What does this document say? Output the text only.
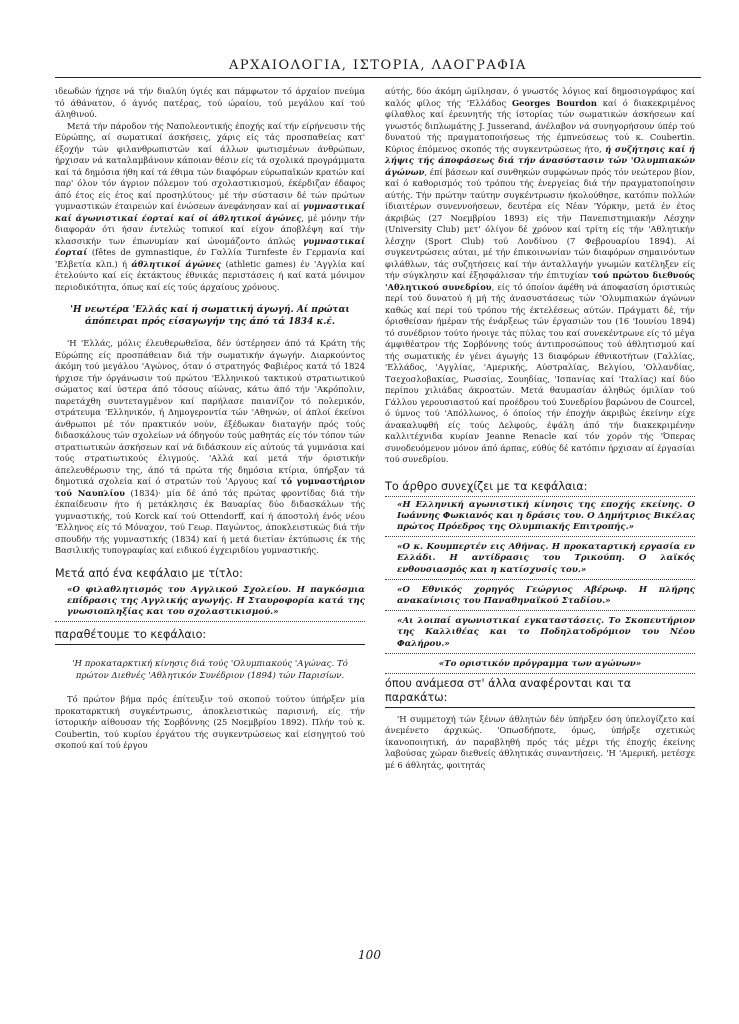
ΑΡΧΑΙΟΛΟΓΙΑ, ΙΣΤΟΡΙΑ, ΛΑΟΓΡΑΦΙΑ

ιδεωδών ήχησε νά τήν διαλύη ύγιές και πάμφωτον τό άρχαίον πνεύμα τό άθάνατον, ό άγνός πατέρας, τού ώραίου, τού μεγάλου καί τού άληθινού.

Μετά τήν πάροδον τής Ναπολεοντικής έποχής καί τήν είρήνευσιν τής Εύρώπης, αί σωματικαί άσκήσεις, χάρις είς τάς προσπαθείας κατ' έξοχήν τών φιλανθρωπιστών καί άλλων φωτισμένων άνθρώπων, ήρχισαν νά καταλαμβάνουν κάποιαν θέσιν είς τά σχολικά προγράμματα καί τά δημόσια ήθη καί τά έθιμα τών διαφόρων εύρωπαϊκών κρατών καί παρ' όλον τόν άγριον πόλεμον τού σχολαστικισμού, έκέρδιζαν έδαφος άπό έτος είς έτος καί προσηλύτους· μέ τήν σύστασιν δέ τών πρώτων γυμναστικών έταιρειών καί ένώσεων άνεφάνησαν καί αί γυμναστικαί καί άγωνιστικαί έορταί καί οί άθλητικοί άγώνες, μέ μόνην τήν διαφοράν ότι ήσαν έντελώς τοπικοί καί είχον άποβλέψη καί τήν κλασσικήν των έπωνυμίαν καί ώνομάζοντο άπλώς γυμναστικαί έορταί (fêtes de gymnastique, έν Γαλλία Turnfeste έν Γερμανία καί 'Ελβετία κλπ.) ή άθλητικοί άγώνες (athletic games) έν 'Αγγλία καί έτελούντο καί είς έκτάκτους έθνικάς περιστάσεις ή καί κατά μόνιμον περιοδικότητα, όπως καί είς τούς άρχαίους χρόνους.

'Η νεωτέρα 'Ελλάς καί ή σωματική άγωγή. Αί πρώται άπόπειραι πρός είσαγωγήν της άπό τά 1834 κ.έ.

'Η 'Ελλάς, μόλις έλευθερωθεϊσα, δέν ύστέρησεν άπό τά Κράτη τής Εύρώπης είς προσπάθειαν διά τήν σωματικήν άγωγήν. Διαρκούντος άκόμη τού μεγάλου 'Αγώνος, όταν ό στρατηγός Φαβιέρος κατά τό 1824 ήρχισε τήν όργάνωσιν τού πρώτου 'Ελληνικού τακτικού στρατιωτικού σώματος καί ύστερα άπό τόσους αίώνας, κάτω άπό τήν 'Ακρόπολιν, παρετάχθη συντεταγμένον καί παρήλασε παιανίζον τό πολεμικόν, στράτευμα 'Ελληνικόν, ή Δημογεροντία τών 'Αθηνών, οί άπλοί έκείνοι άνθρωποι μέ τόν πρακτικόν νούν, έξέδωκαν διαταγήν πρός τούς διδασκάλους τών σχολείων νά όδηγούν τούς μαθητάς είς τόν τόπον τών στρατιωτικών άσκήσεων καί νά διδάσκουν είς αύτούς τά γυμνάσια καί τούς στρατιωτικούς έλιγμούς. 'Αλλά καί μετά τήν όριστικήν άπελευθέρωσιν της, άπό τά πρώτα τής δημόσια κτίρια, ύπήρξαν τά δημοτικά σχολεία καί ό στρατών τού 'Αργους καί τό γυμναστήριον τού Ναυπλίου (1834)· μία δέ άπό τάς πρώτας φροντίδας διά τήν έκπαίδευσιν ήτο ή μετάκλησις έκ Βαυαρίας δύο διδασκάλων τής γυμναστικής, τού Korck καί τού Ottendorff, καί ή άποστολή ένός νέου 'Ελληνος είς τό Μόναχον, τού Γεωρ. Παγώντος, άποκλειστικώς διά τήν σπουδήν τής γυμναστικής (1834) καί ή μετά διετίαν έκτύπωσις έκ τής Βασιλικής τυπογραφίας καί ειδικού έγχειριδίου γυμναστικής.

Μετά από ένα κεφάλαιο με τίτλο:
«Ο φιλαθλητισμός του Αγγλικού Σχολείου. Η παγκόσμια επίδρασις της Αγγλικής αγωγής. Η Σταυροφορία κατά της γνωσιοπληξίας και του σχολαστικισμού.»
παραθέτουμε το κεφάλαιο:
'Η προκαταρκτική κίνησις διά τούς 'Ολυμπιακούς 'Αγώνας. Τό πρώτον Διεθνές 'Αθλητικόν Συνέδριον (1894) τών Παρισίων.

Τό πρώτον βήμα πρός έπίτευξιν τού σκοπού τούτου ύπήρξεν μία προκαταρκτική συγκέντρωσις, άποκλειστικώς παρισινή, είς τήν ίστορικήν αίθουσαν τής Σορβόννης (25 Νοεμβρίου 1892). Πλήν τού κ. Coubertin, τού κυρίου έργάτου τής συγκεντρώσεως καί είσηγητού τού σκοπού καί τού έργου

αύτής, δύο άκόμη ώμίλησαν, ό γνωστός λόγιος καί δημοσιογράφος καί καλός φίλος τής 'Ελλάδος Georges Bourdon καί ό διακεκριμένος φίλαθλος καί έρευνητής τής ίστορίας τών σωματικών άσκήσεων καί γνωστός διπλωμάτης J. Jusserand, άνέλαβον νά συνηγορήσουν ύπέρ τού δυνατού τής πραγματοποιήσεως τής έμπνεύσεως τού κ. Coubertin. Κύριος έπόμενος σκοπός τής συγκεντρώσεως ήτο, ή συζήτησις καί ή λήψις τής άποφάσεως διά τήν άνασύστασιν τών 'Ολυμπιακών άγώνων, έπί βάσεων καί συνθηκών συμφώνων πρός τόν νεώτερον βίον, καί ό καθορισμός τού τρόπου τής ένεργείας διά τήν πραγματοποίησιν αύτής. Τήν πρώτην ταύτην συγκέντρωσιν ήκολούθησε, κατόπιν πολλών ίδιαιτέρων συνεννοήσεων, δευτέρα είς Νέαν 'Υόρκην, μετά έν έτος άκριβώς (27 Νοεμβρίου 1893) είς τήν Πανεπιστημιακήν Λέσχην (University Club) μετ' όλίγον δέ χρόνον καί τρίτη είς τήν 'Αθλητικήν λέσχην (Sport Club) τού Λονδίνου (7 Φεβρουαρίου 1894). Αί συγκεντρώσεις αύται, μέ τήν έπικοινωνίαν τών διαφόρων σημαινόντων φιλάθλων, τάς συζητήσεις καί τήν άνταλλαγήν γνωμών κατέληξεν είς τήν σύγκλησιν καί έξησφάλισαν τήν έπιτυχίαν τού πρώτου διεθνούς 'Αθλητικού συνεδρίου, είς τό όποίον άφέθη νά άποφασίση όριστικώς περί τού δυνατού ή μή τής άνασυστάσεως τών 'Ολυμπιακών άγώνων καθώς καί περί τού τρόπου τής έκτελέσεως αύτών. Πράγματι δέ, τήν όρισθείσαν ήμέραν τής ένάρξεως τών έργασιών του (16 'Ιουνίου 1894) τό συνέδριον τούτο ήνοιγε τάς πύλας του καί συνεκέντρωνε είς τό μέγα άμφιθέατρον τής Σορβόννης τούς άντιπροσώπους τού άθλητισμού καί τής σωματικής έν γένει άγωγής 13 διαφόρων έθνικοτήτων (Γαλλίας, 'Ελλάδος, 'Αγγλίας, 'Αμερικής, Αύστραλίας, Βελγίου, 'Ολλανδίας, Τσεχοσλοβακίας, Ρωσσίας, Σουηδίας, 'Ισπανίας καί 'Ιταλίας) καί δύο περίπου χιλιάδας άκροατών. Μετά θαυμασίαν άληθώς όμιλίαν τού Γάλλου γερουσιαστού καί προέδρου τού Συνεδρίου βαρώνου de Courcel, ό ύμνος τού 'Απόλλωνος, ό όποίος τήν έποχήν άκριβώς έκείνην είχε άνακαλυφθή είς τούς Δελφούς, έψάλη άπό τήν διακεκριμένην καλλιτέχνιδα κυρίαν Jeanne Renacle καί τόν χορόν τής 'Όπερας συνοδευόμενον μόνον άπό άρπας, εύθύς δέ κατόπιν ήρχισαν αί έργασίαι τού συνεδρίου.

Το άρθρο συνεχίζει με τα κεφάλαια:
«Η Ελληνική αγωνιστική κίνησις της εποχής εκείνης. Ο Ιωάννης Φωκιανός και η δράσις του. Ο Δημήτριος Βικέλας πρώτος Πρόεδρος της Ολυμπιακής Επιτροπής.»
«Ο κ. Κουμπερτέν εις Αθήνας. Η προκαταρτική εργασία εν Ελλάδι. Η αντίδρασις του Τρικούπη. Ο λαϊκός ενθουσιασμός και η κατίσχυσίς του.»
«Ο Εθνικός χορηγός Γεώργιος Αβέρωφ. Η πλήρης ανακαίνισις του Παναθηναϊκού Σταδίου.»
«Αι λοιπαί αγωνιστικαί εγκαταστάσεις. Το Σκοπευτήριον της Καλλιθέας και το Ποδηλατοδρόμιον του Νέου Φαλήρου.»
«Το οριστικόν πρόγραμμα των αγώνων»
όπου ανάμεσα στ' άλλα αναφέρονται και τα παρακάτω:

'Η συμμετοχή τών ξένων άθλητών δέν ύπήρξεν όση ύπελογίζετο καί άνεμένετο άρχικώς. 'Οπωσδήποτε, όμως, ύπήρξε σχετικώς ίκανοποιητική, άν παραβληθή πρός τάς μέχρι τής έποχής έκείνης λαβούσας χώραν διεθνείς άθλητικάς συναντήσεις. 'Η 'Αμερική, μετέσχε μέ 6 άθλητάς, φοιτητάς

100
